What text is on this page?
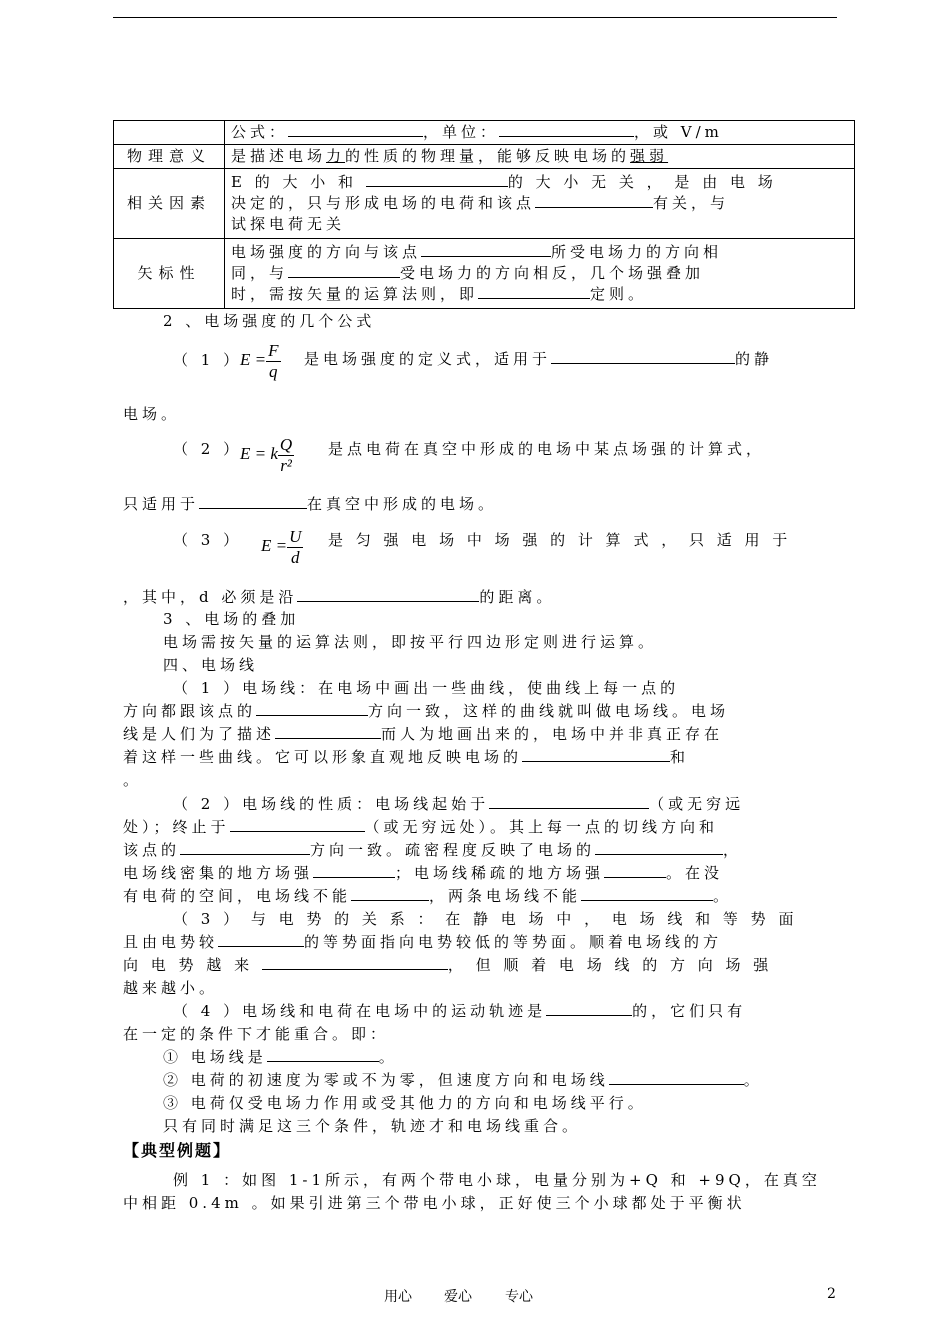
	公式： ，单位： ，或 V/m
物理意义	是描述电场力的性质的物理量，能够反映电场的强弱
相关因素	E 的 大 小 和 的 大 小 无 关 ， 是 由 电 场
决定的，只与形成电场的电荷和该点 有关，与
试探电荷无关

矢标性	电场强度的方向与该点 所受电场力的方向相
同，与 受电场力的方向相反，几个场强叠加
时，需按矢量的运算法则，即 定则。
2 、电场强度的几个公式
（ 1 ）
$E = \frac{F}{q}$ 是电场强度的定义式，适用于	的静
电场。
（ 2 ）
E = k $\frac{Q}{\text{r²}}$ 是点电荷在真空中形成的电场中某点场强的计算式，
只适用于	在真空中形成的电场。
（ 3 ） $E = \frac{U}{d}$ 是 匀 强 电 场 中 场 强 的 计 算 式 ， 只 适 用 于
，其中，d 必须是沿	的距离。
3 、电场的叠加
电场需按矢量的运算法则，即按平行四边形定则进行运算。
四、电场线
（ 1 ）电场线：在电场中画出一些曲线，使曲线上每一点的
方向都跟该点的	方向一致，这样的曲线就叫做电场线。电场
线是人们为了描述	而人为地画出来的，电场中并非真正存在
着这样一些曲线。它可以形象直观地反映电场的	和
。
（ 2 ）电场线的性质：电场线起始于	（或无穷远
处）；终止于	（或无穷远处）。其上每一点的切线方向和
该点的	方向一致。疏密程度反映了电场的	，
电场线密集的地方场强	；电场线稀疏的地方场强	。在没
有电荷的空间，电场线不能	，两条电场线不能	。
（ 3 ） 与 电 势 的 关 系 ： 在 静 电 场 中 ， 电 场 线 和 等 势 面
且由电势较	的等势面指向电势较低的等势面。顺着电场线的方
向 电 势 越 来	， 但 顺 着 电 场 线 的 方 向 场 强
越来越小。
（ 4 ）电场线和电荷在电场中的运动轨迹是	的，它们只有
在一定的条件下才能重合。即：
① 电场线是	。
② 电荷的初速度为零或不为零，但速度方向和电场线	。
③ 电荷仅受电场力作用或受其他力的方向和电场线平行。
只有同时满足这三个条件，轨迹才和电场线重合。
【典型例题】
例 1 ：如图 1-1所示，有两个带电小球，电量分别为+Q 和 +9Q，在真空
中相距 0.4m 。如果引进第三个带电小球，正好使三个小球都处于平衡状
用心 爱心 专心	2
